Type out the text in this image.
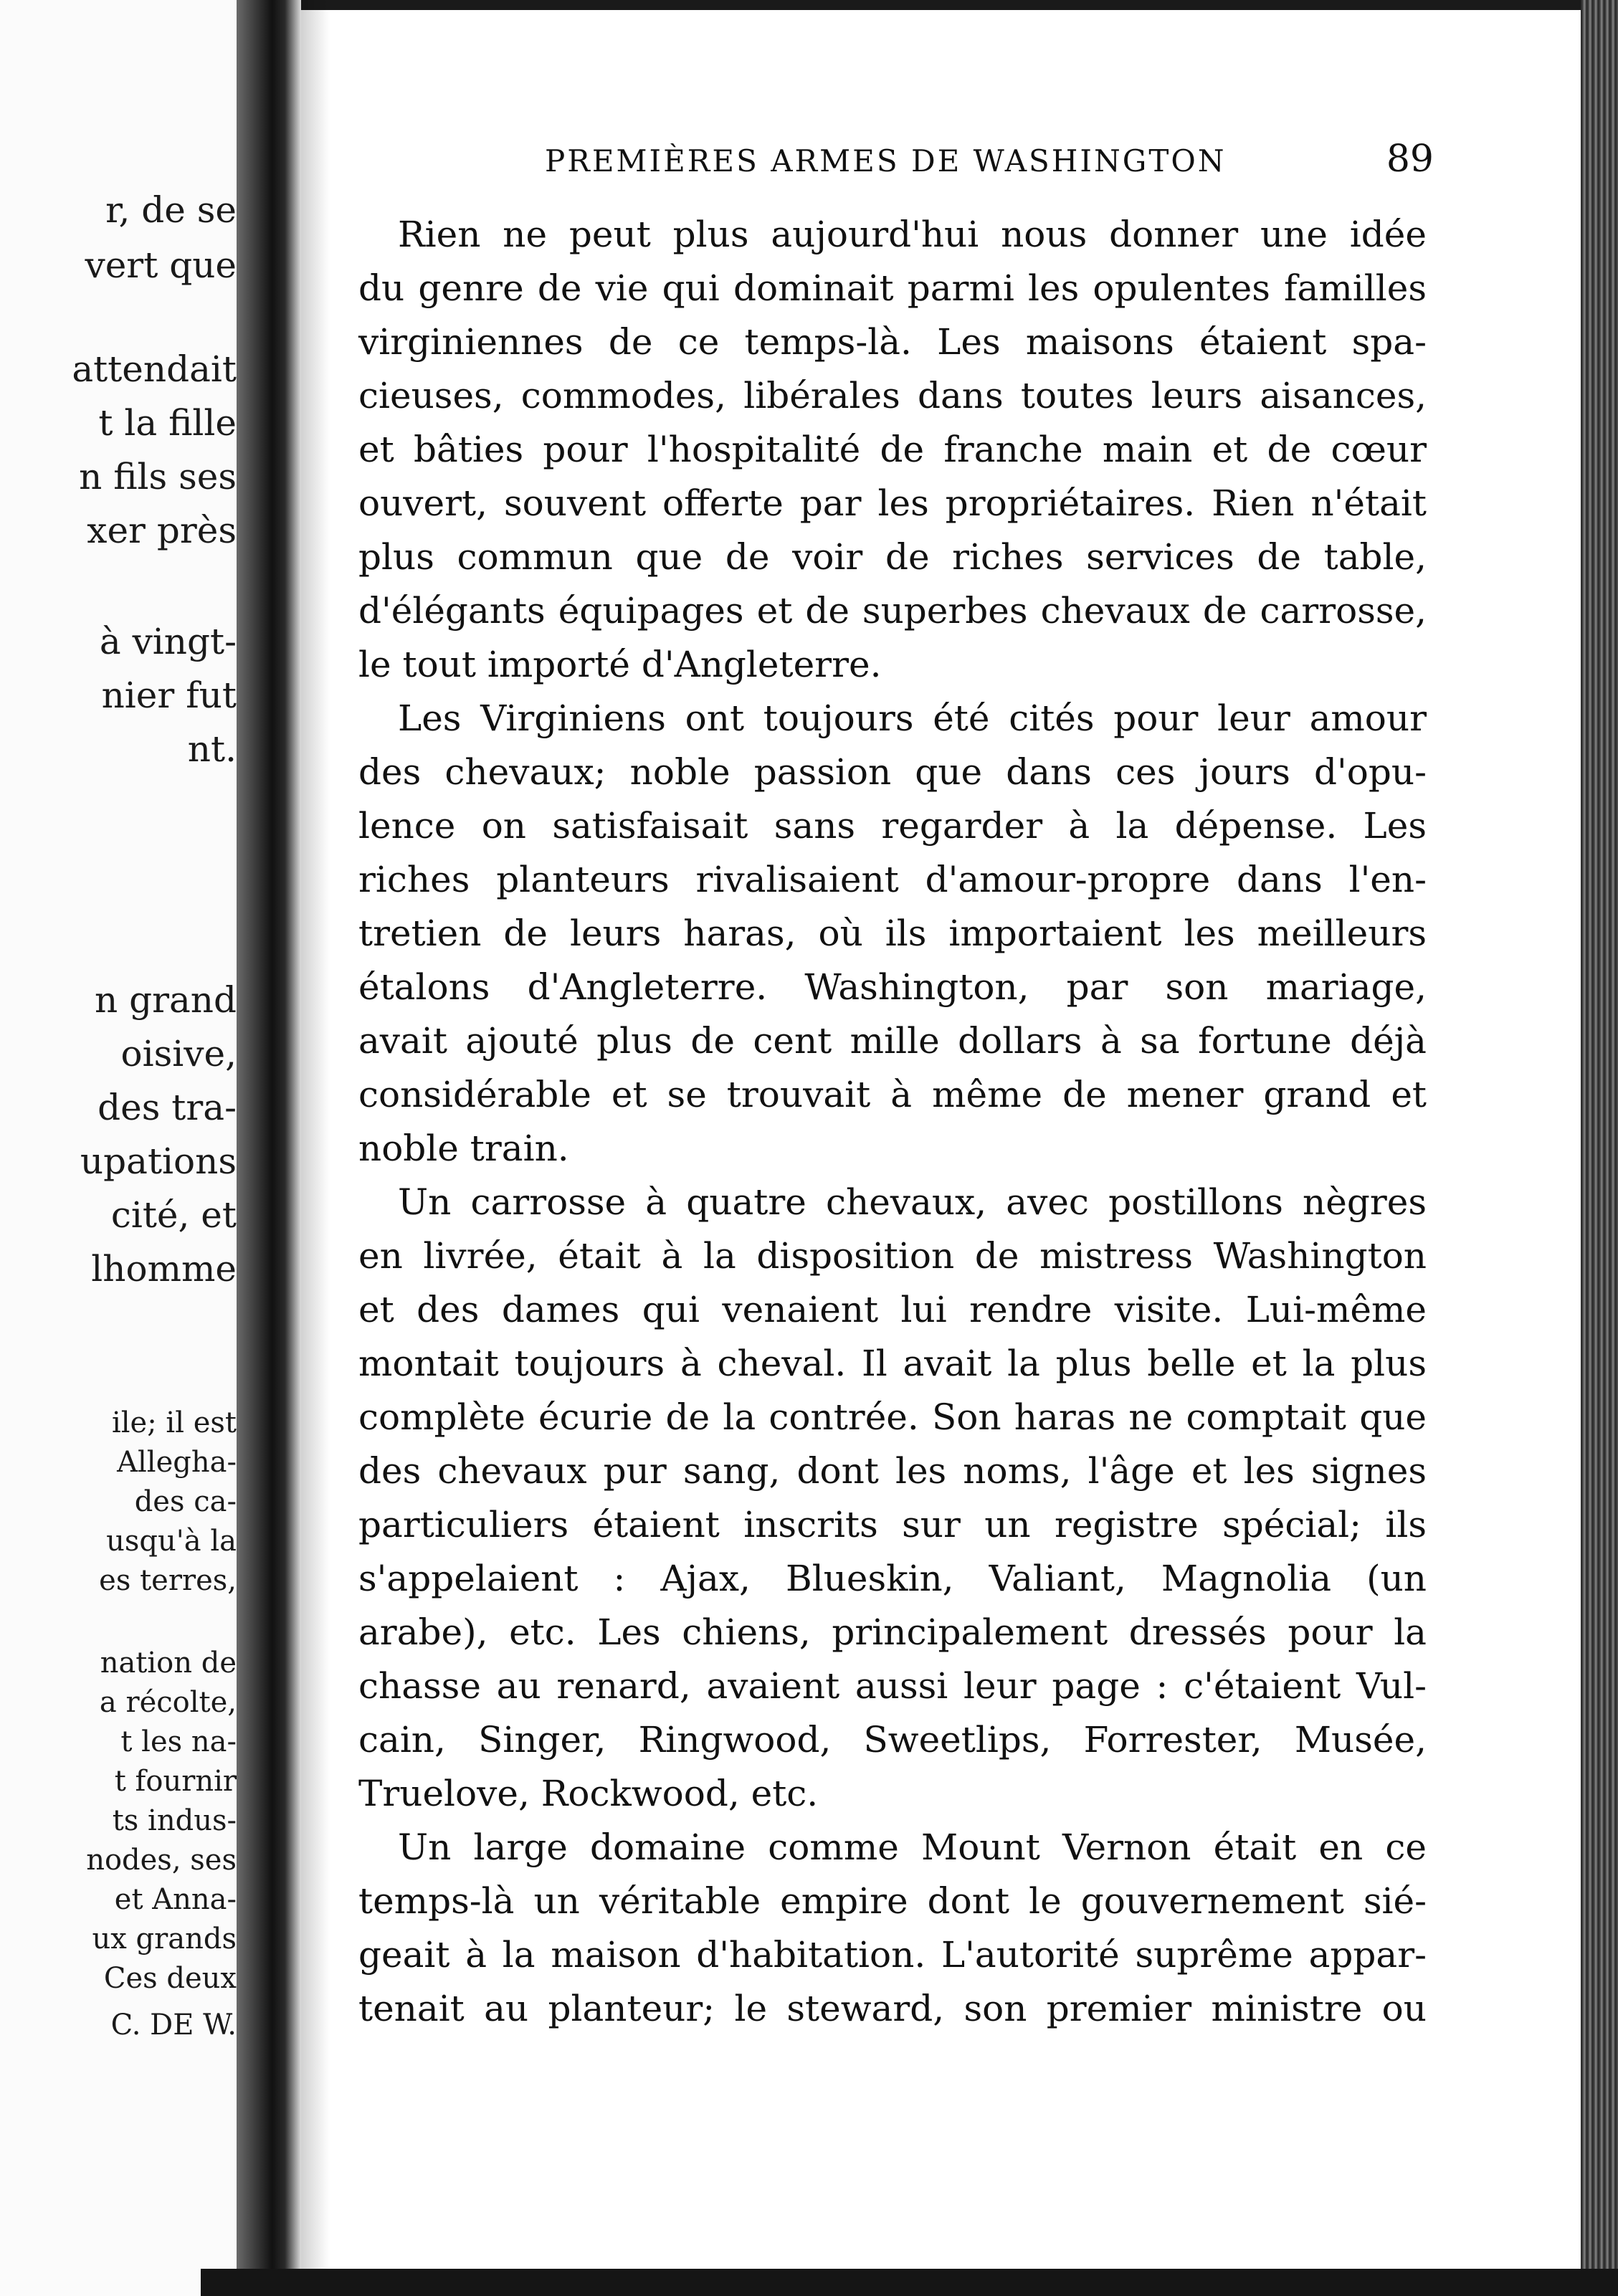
r, de se
vert que
attendait
t la fille
n fils ses
xer près
à vingt-
nier fut
nt.
n grand
oisive,
des tra-
upations
cité, et
lhomme
ile; il est
Allegha-
des ca-
usqu'à la
es terres,
nation de
a récolte,
t les na-
t fournir
ts indus-
nodes, ses
et Anna-
ux grands
Ces deux
C. DE W.
PREMIÈRES ARMES DE WASHINGTON	89
Rien ne peut plus aujourd'hui nous donner une idée
du genre de vie qui dominait parmi les opulentes familles
virginiennes de ce temps-là. Les maisons étaient spa-
cieuses, commodes, libérales dans toutes leurs aisances,
et bâties pour l'hospitalité de franche main et de cœur
ouvert, souvent offerte par les propriétaires. Rien n'était
plus commun que de voir de riches services de table,
d'élégants équipages et de superbes chevaux de carrosse,
le tout importé d'Angleterre.
Les Virginiens ont toujours été cités pour leur amour
des chevaux; noble passion que dans ces jours d'opu-
lence on satisfaisait sans regarder à la dépense. Les
riches planteurs rivalisaient d'amour-propre dans l'en-
tretien de leurs haras, où ils importaient les meilleurs
étalons d'Angleterre. Washington, par son mariage,
avait ajouté plus de cent mille dollars à sa fortune déjà
considérable et se trouvait à même de mener grand et
noble train.
Un carrosse à quatre chevaux, avec postillons nègres
en livrée, était à la disposition de mistress Washington
et des dames qui venaient lui rendre visite. Lui-même
montait toujours à cheval. Il avait la plus belle et la plus
complète écurie de la contrée. Son haras ne comptait que
des chevaux pur sang, dont les noms, l'âge et les signes
particuliers étaient inscrits sur un registre spécial; ils
s'appelaient : Ajax, Blueskin, Valiant, Magnolia (un
arabe), etc. Les chiens, principalement dressés pour la
chasse au renard, avaient aussi leur page : c'étaient Vul-
cain, Singer, Ringwood, Sweetlips, Forrester, Musée,
Truelove, Rockwood, etc.
Un large domaine comme Mount Vernon était en ce
temps-là un véritable empire dont le gouvernement sié-
geait à la maison d'habitation. L'autorité suprême appar-
tenait au planteur; le steward, son premier ministre ou
